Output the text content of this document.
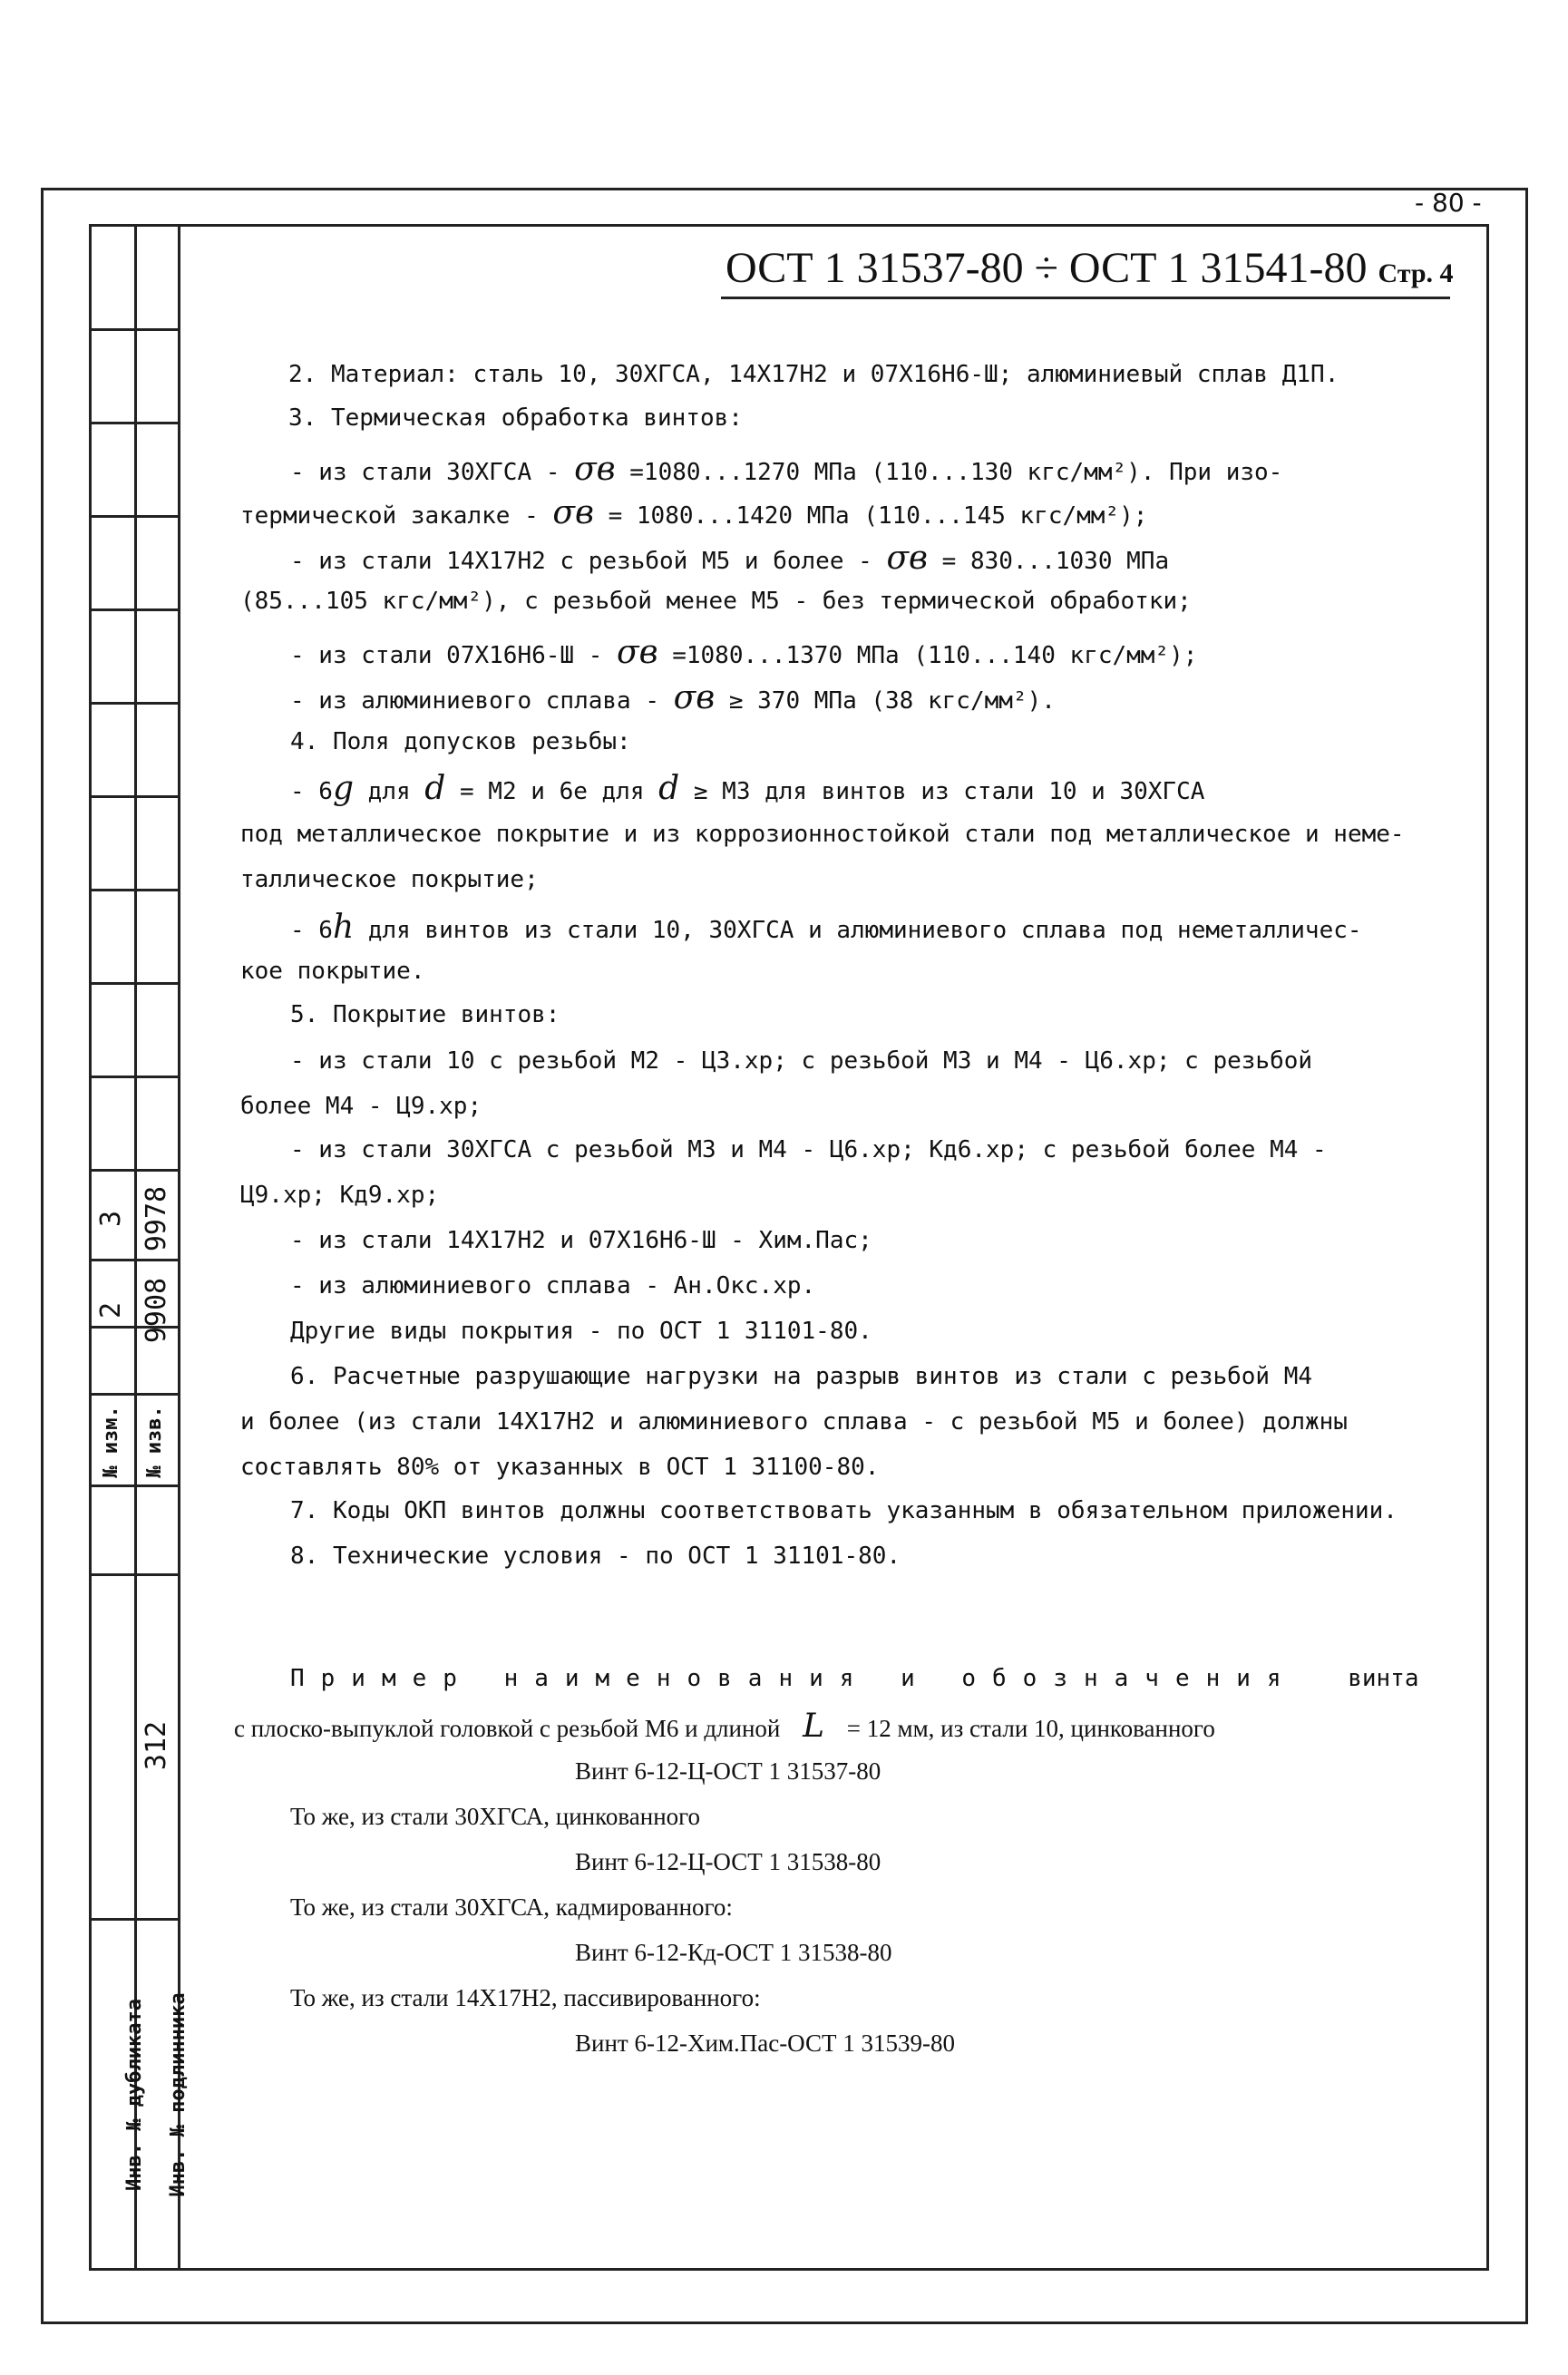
3 9978
2 9908
№ изм.	№ изв.
312
Инв. № дубликата	Инв. № подлинника
- 80 -
ОСТ 1 31537-80 ÷ ОСТ 1 31541-80 Стр. 4
2. Материал: сталь 10, 30ХГСА, 14Х17Н2 и 07Х16Н6-Ш; алюминиевый сплав Д1П.
3. Термическая обработка винтов:
- из стали 30ХГСА - σв =1080...1270 МПа (110...130 кгс/мм²). При изо-
термической закалке - σв = 1080...1420 МПа (110...145 кгс/мм²);
- из стали 14Х17Н2 с резьбой М5 и более - σв = 830...1030 МПа
(85...105 кгс/мм²), с резьбой менее М5 - без термической обработки;
- из стали 07Х16Н6-Ш - σв =1080...1370 МПа (110...140 кгс/мм²);
- из алюминиевого сплава - σв ≥ 370 МПа (38 кгс/мм²).
4. Поля допусков резьбы:
- 6g для d = М2 и 6е для d ≥ М3 для винтов из стали 10 и 30ХГСА
под металлическое покрытие и из коррозионностойкой стали под металлическое и неме-
таллическое покрытие;
- 6h для винтов из стали 10, 30ХГСА и алюминиевого сплава под неметалличес-
кое покрытие.
5. Покрытие винтов:
- из стали 10 с резьбой М2 - Ц3.хр; с резьбой М3 и М4 - Ц6.хр; с резьбой
более М4 - Ц9.хр;
- из стали 30ХГСА с резьбой М3 и М4 - Ц6.хр; Кд6.хр; с резьбой более М4 -
Ц9.хр; Кд9.хр;
- из стали 14Х17Н2 и 07Х16Н6-Ш - Хим.Пас;
- из алюминиевого сплава - Ан.Окс.хр.
Другие виды покрытия - по ОСТ 1 31101-80.
6. Расчетные разрушающие нагрузки на разрыв винтов из стали с резьбой М4
и более (из стали 14Х17Н2 и алюминиевого сплава - с резьбой М5 и более) должны
составлять 80% от указанных в ОСТ 1 31100-80.
7. Коды ОКП винтов должны соответствовать указанным в обязательном приложении.
8. Технические условия - по ОСТ 1 31101-80.
Пример наименования и обозначения винта
с плоско-выпуклой головкой с резьбой М6 и длиной L = 12 мм, из стали 10, цинкованного
Винт 6-12-Ц-ОСТ 1 31537-80
То же, из стали 30ХГСА, цинкованного
Винт 6-12-Ц-ОСТ 1 31538-80
То же, из стали 30ХГСА, кадмированного:
Винт 6-12-Кд-ОСТ 1 31538-80
То же, из стали 14Х17Н2, пассивированного:
Винт 6-12-Хим.Пас-ОСТ 1 31539-80
